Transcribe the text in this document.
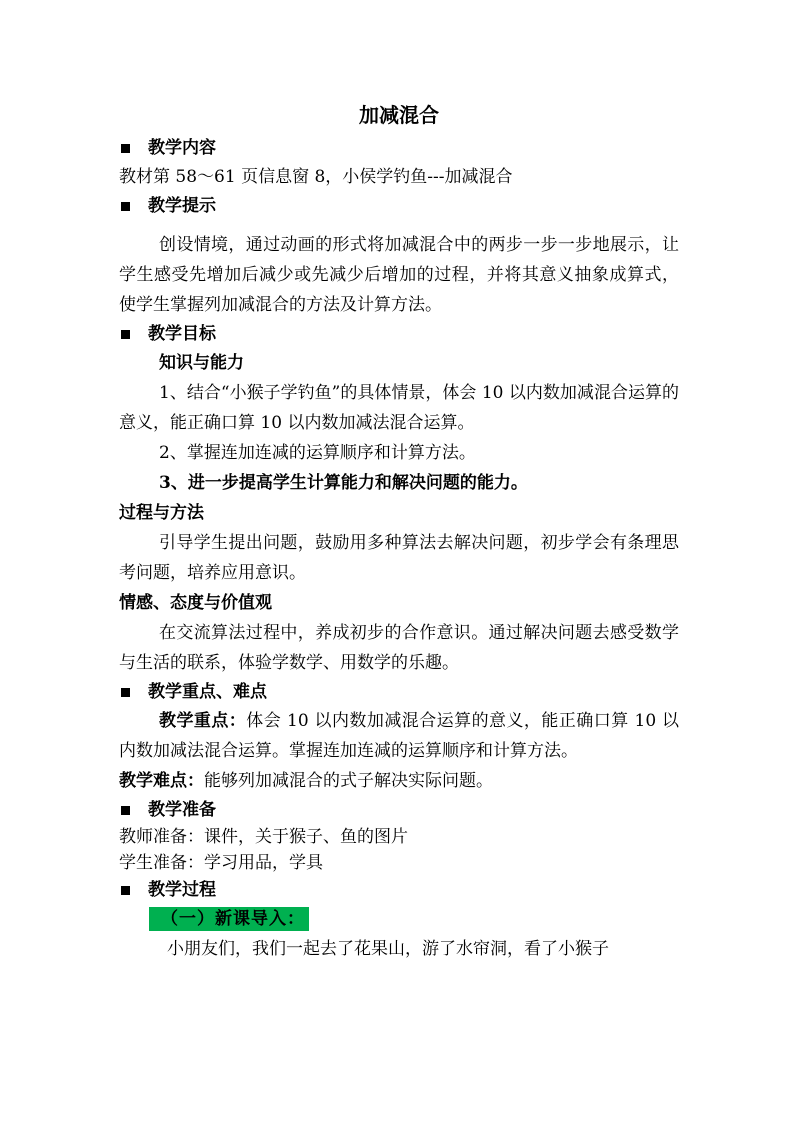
加减混合
教学内容
教材第 58～61 页信息窗 8，小侯学钓鱼---加减混合
教学提示
创设情境，通过动画的形式将加减混合中的两步一步一步地展示，让学生感受先增加后减少或先减少后增加的过程，并将其意义抽象成算式，使学生掌握列加减混合的方法及计算方法。
教学目标
知识与能力
1、结合“小猴子学钓鱼”的具体情景，体会 10 以内数加减混合运算的意义，能正确口算 10 以内数加减法混合运算。
2、掌握连加连减的运算顺序和计算方法。
3、进一步提高学生计算能力和解决问题的能力。
过程与方法
引导学生提出问题，鼓励用多种算法去解决问题，初步学会有条理思考问题，培养应用意识。
情感、态度与价值观
在交流算法过程中，养成初步的合作意识。通过解决问题去感受数学与生活的联系，体验学数学、用数学的乐趣。
教学重点、难点
教学重点：体会 10 以内数加减混合运算的意义，能正确口算 10 以内数加减法混合运算。掌握连加连减的运算顺序和计算方法。
教学难点：能够列加减混合的式子解决实际问题。
教学准备
教师准备：课件，关于猴子、鱼的图片
学生准备：学习用品，学具
教学过程
（一）新课导入：
小朋友们，我们一起去了花果山，游了水帘洞，看了小猴子
